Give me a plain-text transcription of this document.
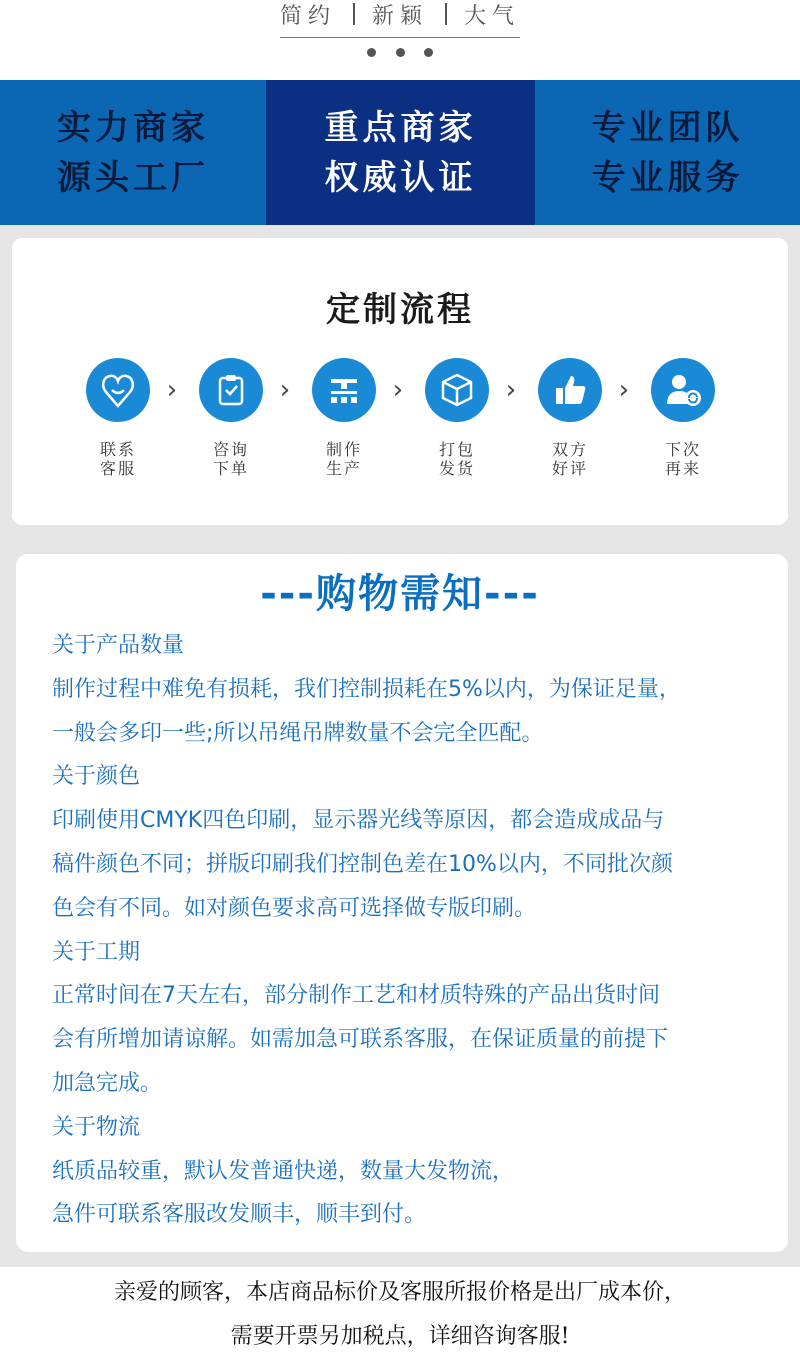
简约 新颖 大气
实力商家
源头工厂
重点商家
权威认证
专业团队
专业服务
定制流程
联系
客服
›
咨询
下单
›
制作
生产
›
打包
发货
›
双方
好评
›
下次
再来
---购物需知---
关于产品数量
制作过程中难免有损耗，我们控制损耗在5%以内，为保证足量，
一般会多印一些;所以吊绳吊牌数量不会完全匹配。
关于颜色
印刷使用CMYK四色印刷，显示器光线等原因，都会造成成品与
稿件颜色不同；拼版印刷我们控制色差在10%以内，不同批次颜
色会有不同。如对颜色要求高可选择做专版印刷。
关于工期
正常时间在7天左右，部分制作工艺和材质特殊的产品出货时间
会有所增加请谅解。如需加急可联系客服，在保证质量的前提下
加急完成。
关于物流
纸质品较重，默认发普通快递，数量大发物流，
急件可联系客服改发顺丰，顺丰到付。
亲爱的顾客，本店商品标价及客服所报价格是出厂成本价，
需要开票另加税点，详细咨询客服!
